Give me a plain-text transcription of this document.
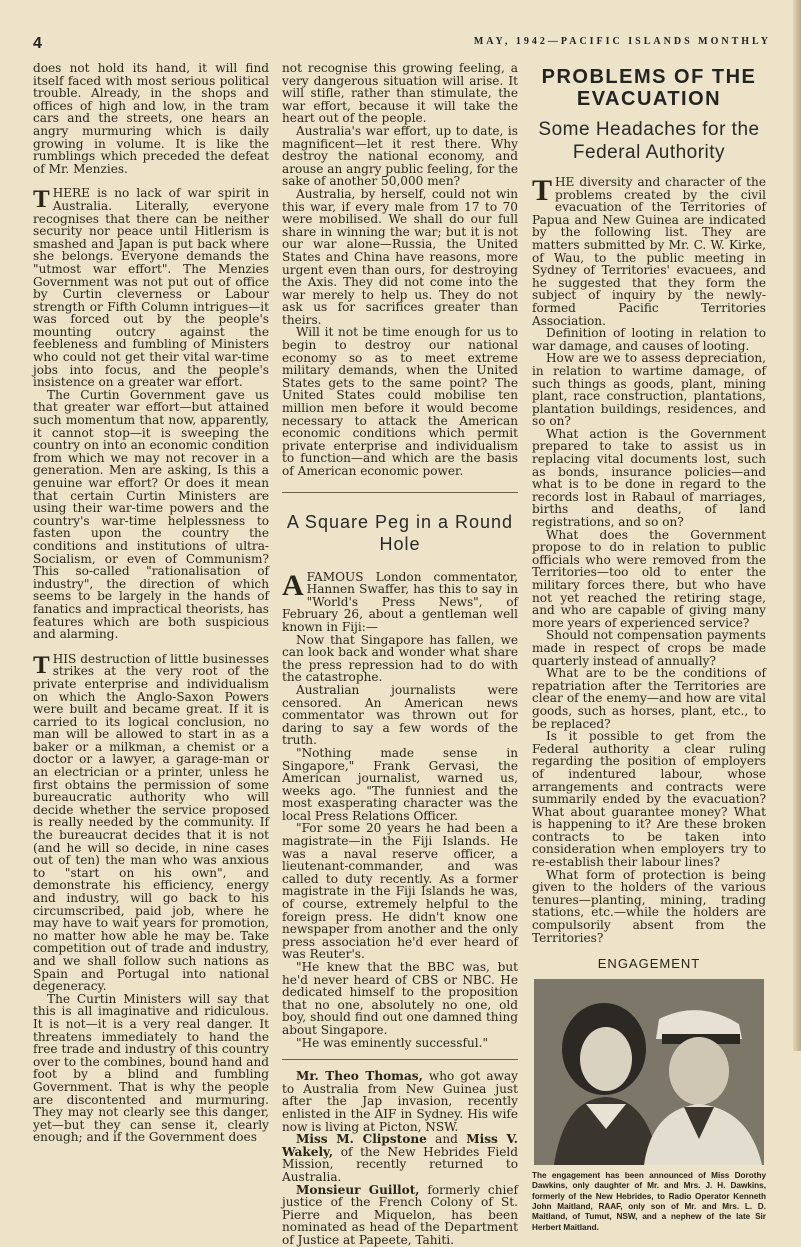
4	MAY, 1942—PACIFIC ISLANDS MONTHLY

does not hold its hand, it will find itself faced with most serious political trouble. Already, in the shops and offices of high and low, in the tram cars and the streets, one hears an angry murmuring which is daily growing in volume. It is like the rumblings which preceded the defeat of Mr. Menzies.

THERE is no lack of war spirit in Australia. Literally, everyone recognises that there can be neither security nor peace until Hitlerism is smashed and Japan is put back where she belongs. Everyone demands the "utmost war effort". The Menzies Government was not put out of office by Curtin cleverness or Labour strength or Fifth Column intrigues—it was forced out by the people's mounting outcry against the feebleness and fumbling of Ministers who could not get their vital war-time jobs into focus, and the people's insistence on a greater war effort.

The Curtin Government gave us that greater war effort—but attained such momentum that now, apparently, it cannot stop—it is sweeping the country on into an economic condition from which we may not recover in a generation. Men are asking, Is this a genuine war effort? Or does it mean that certain Curtin Ministers are using their war-time powers and the country's war-time helplessness to fasten upon the country the conditions and institutions of ultra-Socialism, or even of Communism? This so-called "rationalisation of industry", the direction of which seems to be largely in the hands of fanatics and impractical theorists, has features which are both suspicious and alarming.

THIS destruction of little businesses strikes at the very root of the private enterprise and individualism on which the Anglo-Saxon Powers were built and became great. If it is carried to its logical conclusion, no man will be allowed to start in as a baker or a milkman, a chemist or a doctor or a lawyer, a garage-man or an electrician or a printer, unless he first obtains the permission of some bureaucratic authority who will decide whether the service proposed is really needed by the community. If the bureaucrat decides that it is not (and he will so decide, in nine cases out of ten) the man who was anxious to "start on his own", and demonstrate his efficiency, energy and industry, will go back to his circumscribed, paid job, where he may have to wait years for promotion, no matter how able he may be. Take competition out of trade and industry, and we shall follow such nations as Spain and Portugal into national degeneracy.

The Curtin Ministers will say that this is all imaginative and ridiculous. It is not—it is a very real danger. It threatens immediately to hand the free trade and industry of this country over to the combines, bound hand and foot by a blind and fumbling Government. That is why the people are discontented and murmuring. They may not clearly see this danger, yet—but they can sense it, clearly enough; and if the Government does

not recognise this growing feeling, a very dangerous situation will arise. It will stifle, rather than stimulate, the war effort, because it will take the heart out of the people.

Australia's war effort, up to date, is magnificent—let it rest there. Why destroy the national economy, and arouse an angry public feeling, for the sake of another 50,000 men?

Australia, by herself, could not win this war, if every male from 17 to 70 were mobilised. We shall do our full share in winning the war; but it is not our war alone—Russia, the United States and China have reasons, more urgent even than ours, for destroying the Axis. They did not come into the war merely to help us. They do not ask us for sacrifices greater than theirs.

Will it not be time enough for us to begin to destroy our national economy so as to meet extreme military demands, when the United States gets to the same point? The United States could mobilise ten million men before it would become necessary to attack the American economic conditions which permit private enterprise and individualism to function—and which are the basis of American economic power.

A Square Peg in a Round Hole

AFAMOUS London commentator, Hannen Swaffer, has this to say in "World's Press News", of February 26, about a gentleman well known in Fiji:—

Now that Singapore has fallen, we can look back and wonder what share the press repression had to do with the catastrophe.

Australian journalists were censored. An American news commentator was thrown out for daring to say a few words of the truth.

"Nothing made sense in Singapore," Frank Gervasi, the American journalist, warned us, weeks ago. "The funniest and the most exasperating character was the local Press Relations Officer.

"For some 20 years he had been a magistrate—in the Fiji Islands. He was a naval reserve officer, a lieutenant-commander, and was called to duty recently. As a former magistrate in the Fiji Islands he was, of course, extremely helpful to the foreign press. He didn't know one newspaper from another and the only press association he'd ever heard of was Reuter's.

"He knew that the BBC was, but he'd never heard of CBS or NBC. He dedicated himself to the proposition that no one, absolutely no one, old boy, should find out one damned thing about Singapore.

"He was eminently successful."

Mr. Theo Thomas, who got away to Australia from New Guinea just after the Jap invasion, recently enlisted in the AIF in Sydney. His wife now is living at Picton, NSW.

Miss M. Clipstone and Miss V. Wakely, of the New Hebrides Field Mission, recently returned to Australia.

Monsieur Guillot, formerly chief justice of the French Colony of St. Pierre and Miquelon, has been nominated as head of the Department of Justice at Papeete, Tahiti.

PROBLEMS OF THE EVACUATION
Some Headaches for the Federal Authority

THE diversity and character of the problems created by the civil evacuation of the Territories of Papua and New Guinea are indicated by the following list. They are matters submitted by Mr. C. W. Kirke, of Wau, to the public meeting in Sydney of Territories' evacuees, and he suggested that they form the subject of inquiry by the newly-formed Pacific Territories Association.

Definition of looting in relation to war damage, and causes of looting.

How are we to assess depreciation, in relation to wartime damage, of such things as goods, plant, mining plant, race construction, plantations, plantation buildings, residences, and so on?

What action is the Government prepared to take to assist us in replacing vital documents lost, such as bonds, insurance policies—and what is to be done in regard to the records lost in Rabaul of marriages, births and deaths, of land registrations, and so on?

What does the Government propose to do in relation to public officials who were removed from the Territories—too old to enter the military forces there, but who have not yet reached the retiring stage, and who are capable of giving many more years of experienced service?

Should not compensation payments made in respect of crops be made quarterly instead of annually?

What are to be the conditions of repatriation after the Territories are clear of the enemy—and how are vital goods, such as horses, plant, etc., to be replaced?

Is it possible to get from the Federal authority a clear ruling regarding the position of employers of indentured labour, whose arrangements and contracts were summarily ended by the evacuation? What about guarantee money? What is happening to it? Are these broken contracts to be taken into consideration when employers try to re-establish their labour lines?

What form of protection is being given to the holders of the various tenures—planting, mining, trading stations, etc.—while the holders are compulsorily absent from the Territories?

ENGAGEMENT
The engagement has been announced of Miss Dorothy Dawkins, only daughter of Mr. and Mrs. J. H. Dawkins, formerly of the New Hebrides, to Radio Operator Kenneth John Maitland, RAAF, only son of Mr. and Mrs. L. D. Maitland, of Tumut, NSW, and a nephew of the late Sir Herbert Maitland.
